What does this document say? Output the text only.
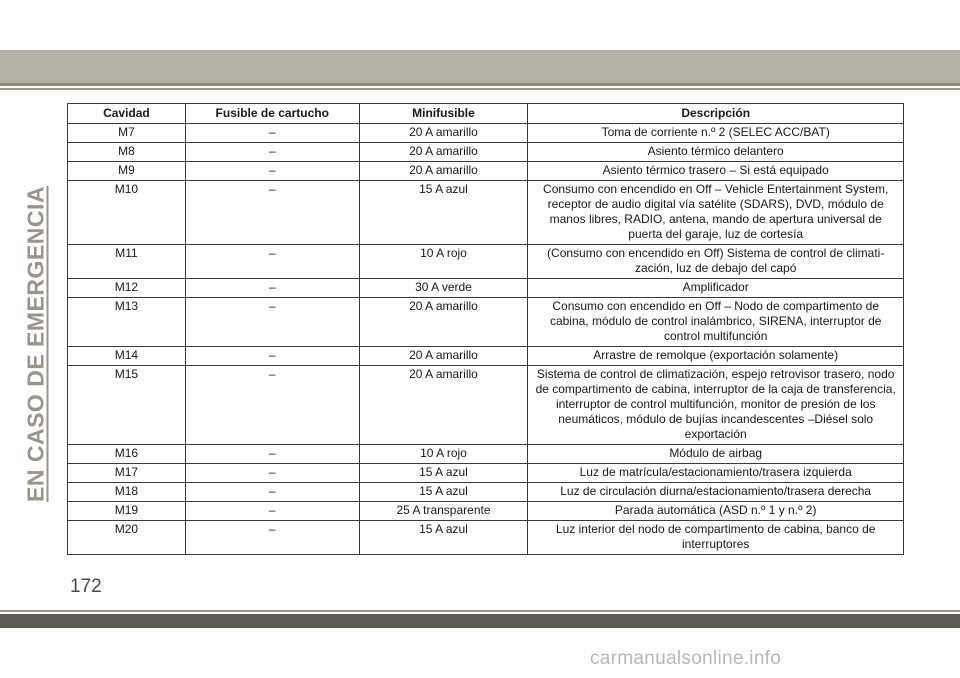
EN CASO DE EMERGENCIA
Cavidad	Fusible de cartucho	Minifusible	Descripción
M7	–	20 A amarillo	Toma de corriente n.º 2 (SELEC ACC/BAT)
M8	–	20 A amarillo	Asiento térmico delantero
M9	–	20 A amarillo	Asiento térmico trasero – Si está equipado
M10	–	15 A azul	Consumo con encendido en Off – Vehicle Entertainment System, receptor de audio digital vía satélite (SDARS), DVD, módulo de manos libres, RADIO, antena, mando de apertura universal de puerta del garaje, luz de cortesía
M11	–	10 A rojo	(Consumo con encendido en Off) Sistema de control de climati-zación, luz de debajo del capó
M12	–	30 A verde	Amplificador
M13	–	20 A amarillo	Consumo con encendido en Off – Nodo de compartimento de cabina, módulo de control inalámbrico, SIRENA, interruptor de control multifunción
M14	–	20 A amarillo	Arrastre de remolque (exportación solamente)
M15	–	20 A amarillo	Sistema de control de climatización, espejo retrovisor trasero, nodo de compartimento de cabina, interruptor de la caja de transferencia, interruptor de control multifunción, monitor de presión de los neumáticos, módulo de bujías incandescentes –Diésel solo exportación
M16	–	10 A rojo	Módulo de airbag
M17	–	15 A azul	Luz de matrícula/estacionamiento/trasera izquierda
M18	–	15 A azul	Luz de circulación diurna/estacionamiento/trasera derecha
M19	–	25 A transparente	Parada automática (ASD n.º 1 y n.º 2)
M20	–	15 A azul	Luz interior del nodo de compartimento de cabina, banco de interruptores
172
carmanualsonline.info
